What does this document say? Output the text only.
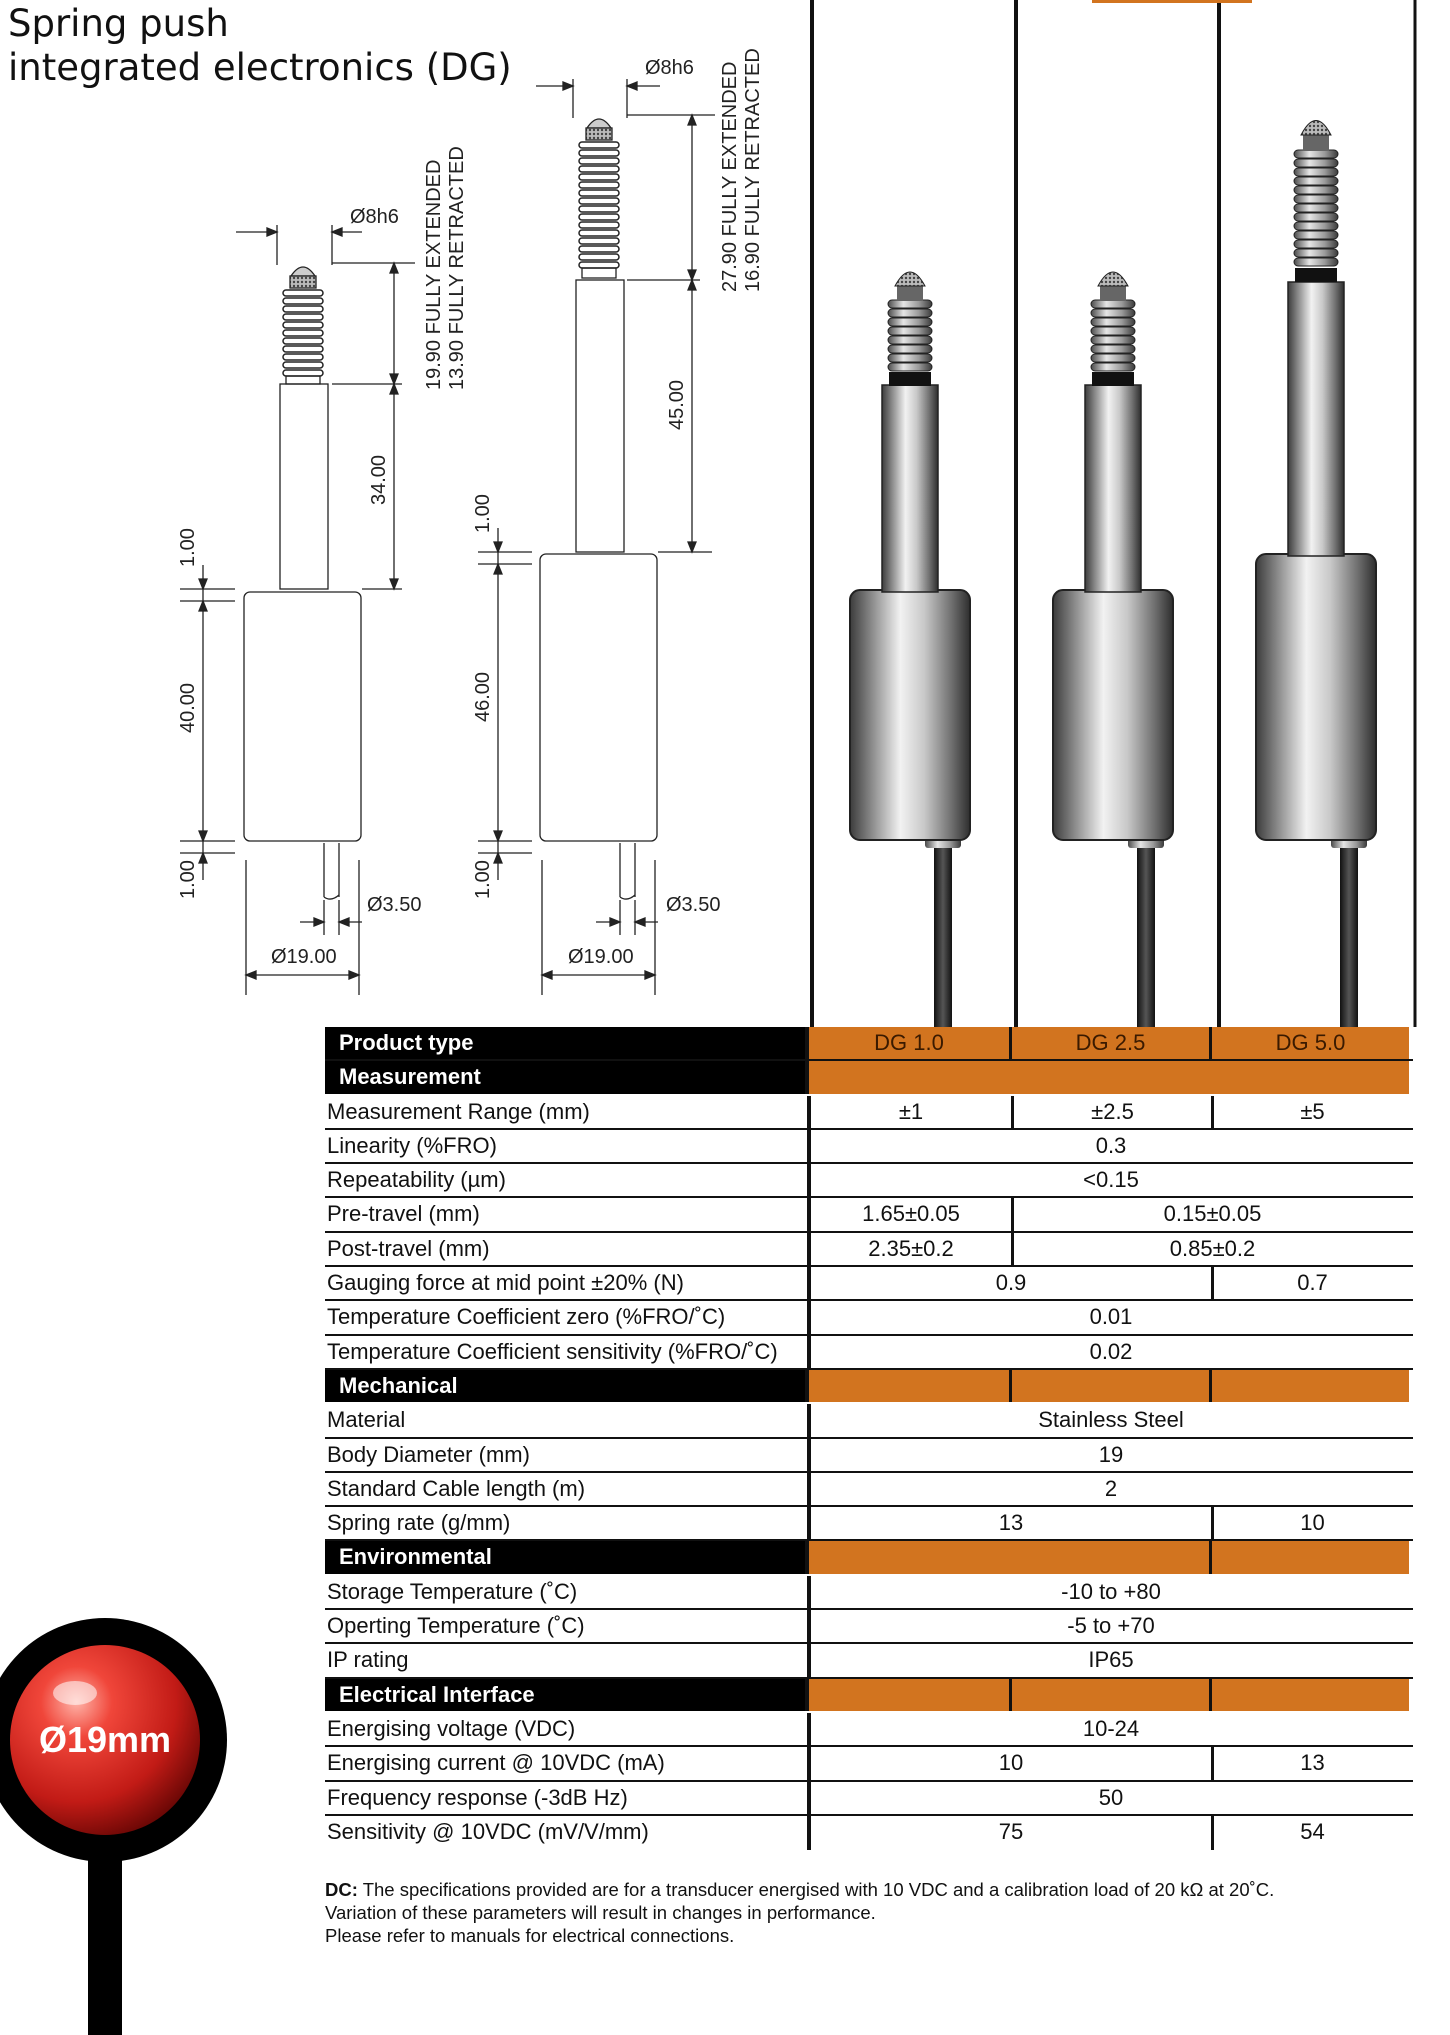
Spring push
integrated electronics (DG)
Ø8h6 19.90 FULLY EXTENDED 13.90 FULLY RETRACTED
34.00
1.00
40.00
1.00
Ø3.50
Ø19.00
Ø8h6 27.90 FULLY EXTENDED 16.90 FULLY RETRACTED
45.00
1.00
46.00
1.00
Ø3.50
Ø19.00
Product type	DG 1.0	DG 2.5	DG 5.0
Measurement
Measurement Range (mm)	±1	±2.5	±5
Linearity (%FRO)	0.3
Repeatability (µm)	<0.15
Pre-travel (mm)	1.65±0.05	0.15±0.05
Post-travel (mm)	2.35±0.2	0.85±0.2
Gauging force at mid point ±20% (N)	0.9	0.7
Temperature Coefficient zero (%FRO/˚C)	0.01
Temperature Coefficient sensitivity (%FRO/˚C)	0.02
Mechanical
Material	Stainless Steel
Body Diameter (mm)	19
Standard Cable length (m)	2
Spring rate (g/mm)	13	10
Environmental
Storage Temperature (˚C)	-10 to +80
Operting Temperature (˚C)	-5 to +70
IP rating	IP65
Electrical Interface
Energising voltage (VDC)	10-24
Energising current @ 10VDC (mA)	10	13
Frequency response (-3dB Hz)	50
Sensitivity @ 10VDC (mV/V/mm)	75	54
DC: The specifications provided are for a transducer energised with 10 VDC and a calibration load of 20 kΩ at 20˚C.
Variation of these parameters will result in changes in performance.
Please refer to manuals for electrical connections.
Ø19mm
